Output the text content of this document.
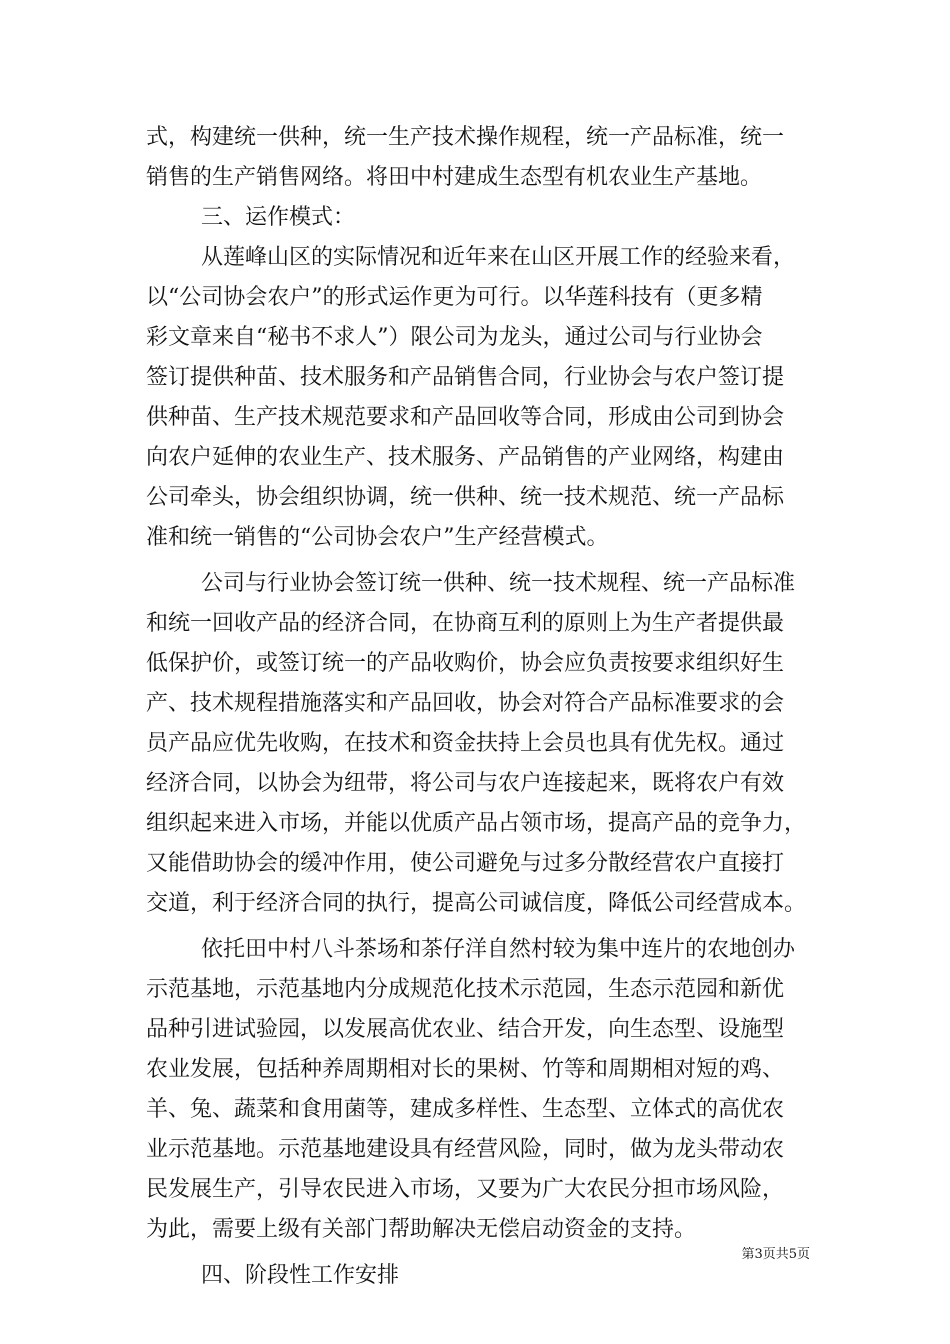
式，构建统一供种，统一生产技术操作规程，统一产品标准，统一
销售的生产销售网络。将田中村建成生态型有机农业生产基地。
三、运作模式：
从莲峰山区的实际情况和近年来在山区开展工作的经验来看，
以“公司协会农户”的形式运作更为可行。以华莲科技有（更多精
彩文章来自“秘书不求人”）限公司为龙头，通过公司与行业协会
签订提供种苗、技术服务和产品销售合同，行业协会与农户签订提
供种苗、生产技术规范要求和产品回收等合同，形成由公司到协会
向农户延伸的农业生产、技术服务、产品销售的产业网络，构建由
公司牵头，协会组织协调，统一供种、统一技术规范、统一产品标
准和统一销售的“公司协会农户”生产经营模式。
公司与行业协会签订统一供种、统一技术规程、统一产品标准
和统一回收产品的经济合同，在协商互利的原则上为生产者提供最
低保护价，或签订统一的产品收购价，协会应负责按要求组织好生
产、技术规程措施落实和产品回收，协会对符合产品标准要求的会
员产品应优先收购，在技术和资金扶持上会员也具有优先权。通过
经济合同，以协会为纽带，将公司与农户连接起来，既将农户有效
组织起来进入市场，并能以优质产品占领市场，提高产品的竞争力，
又能借助协会的缓冲作用，使公司避免与过多分散经营农户直接打
交道，利于经济合同的执行，提高公司诚信度，降低公司经营成本。
依托田中村八斗茶场和茶仔洋自然村较为集中连片的农地创办
示范基地，示范基地内分成规范化技术示范园，生态示范园和新优
品种引进试验园，以发展高优农业、结合开发，向生态型、设施型
农业发展，包括种养周期相对长的果树、竹等和周期相对短的鸡、
羊、兔、蔬菜和食用菌等，建成多样性、生态型、立体式的高优农
业示范基地。示范基地建设具有经营风险，同时，做为龙头带动农
民发展生产，引导农民进入市场，又要为广大农民分担市场风险，
为此，需要上级有关部门帮助解决无偿启动资金的支持。
四、阶段性工作安排
第3页共5页
